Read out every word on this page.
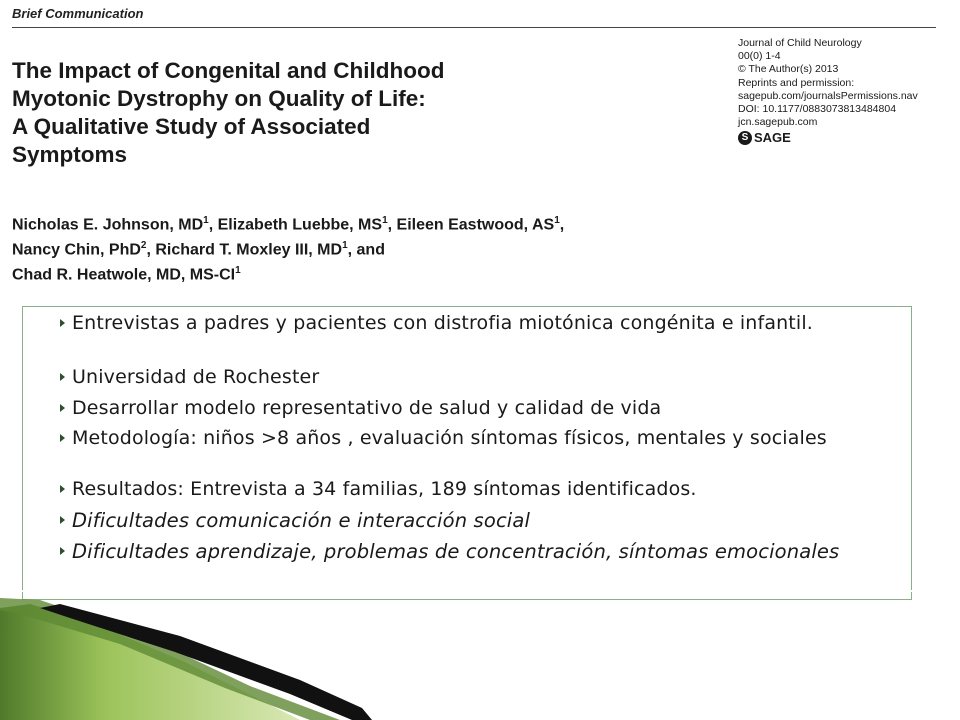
Brief Communication
The Impact of Congenital and Childhood
Myotonic Dystrophy on Quality of Life:
A Qualitative Study of Associated
Symptoms
Journal of Child Neurology
00(0) 1-4
© The Author(s) 2013
Reprints and permission:
sagepub.com/journalsPermissions.nav
DOI: 10.1177/0883073813484804
jcn.sagepub.com
S SAGE
Nicholas E. Johnson, $MD^1$, Elizabeth Luebbe, $MS^1$, Eileen Eastwood, $AS^1$,
Nancy Chin, PhD$^2$, Richard T. Moxley III, $MD^1$, and
Chad R. Heatwole, MD, $MS-CI^1$
Entrevistas a padres y pacientes con distrofia miotónica congénita e infantil.
Universidad de Rochester
Desarrollar modelo representativo de salud y calidad de vida
Metodología: niños >8 años , evaluación síntomas físicos, mentales y sociales
Resultados: Entrevista a 34 familias, 189 síntomas identificados.
Dificultades comunicación e interacción social
Dificultades aprendizaje, problemas de concentración, síntomas emocionales
